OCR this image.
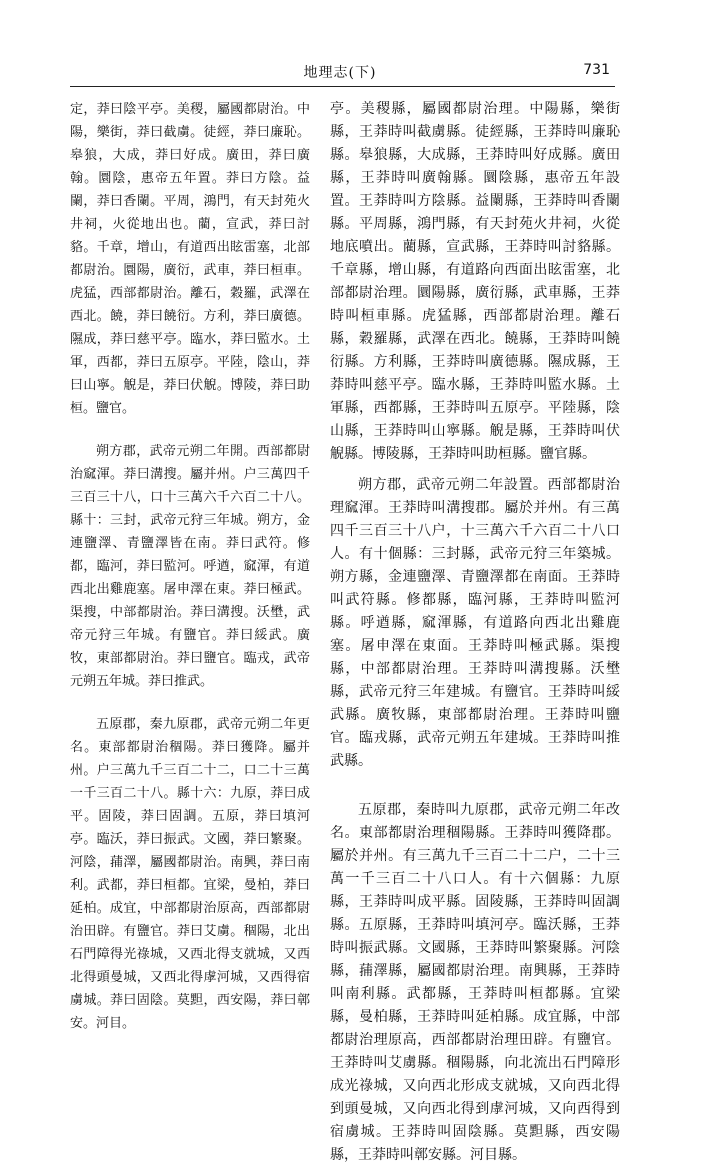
地理志(下)	731

定，莽曰陰平亭。美稷，屬國都尉治。中陽，樂街，莽曰截虜。徒經，莽曰廉恥。皋狼，大成，莽曰好成。廣田，莽曰廣翰。圜陰，惠帝五年置。莽曰方陰。益闌，莽曰香闌。平周，鴻門，有天封苑火井祠，火從地出也。藺，宣武，莽曰討貉。千章，增山，有道西出眩雷塞，北部都尉治。圜陽，廣衍，武車，莽曰桓車。虎猛，西部都尉治。離石，穀羅，武澤在西北。饒，莽曰饒衍。方利，莽曰廣德。隰成，莽曰慈平亭。臨水，莽曰監水。土軍，西都，莽曰五原亭。平陸，陰山，莽曰山寧。觬是，莽曰伏觬。博陵，莽曰助桓。鹽官。

朔方郡，武帝元朔二年開。西部都尉治窳渾。莽曰溝搜。屬并州。户三萬四千三百三十八，口十三萬六千六百二十八。縣十：三封，武帝元狩三年城。朔方，金連鹽澤、青鹽澤皆在南。莽曰武符。修都，臨河，莽曰監河。呼遒，窳渾，有道西北出雞鹿塞。屠申澤在東。莽曰極武。渠搜，中部都尉治。莽曰溝搜。沃壄，武帝元狩三年城。有鹽官。莽曰綏武。廣牧，東部都尉治。莽曰鹽官。臨戎，武帝元朔五年城。莽曰推武。

五原郡，秦九原郡，武帝元朔二年更名。東部都尉治稒陽。莽曰獲降。屬并州。户三萬九千三百二十二，口二十三萬一千三百二十八。縣十六：九原，莽曰成平。固陵，莽曰固調。五原，莽曰填河亭。臨沃，莽曰振武。文國，莽曰繁聚。河陰，蒱澤，屬國都尉治。南興，莽曰南利。武都，莽曰桓都。宜梁，曼柏，莽曰延柏。成宜，中部都尉治原高，西部都尉治田辟。有鹽官。莽曰艾虜。稒陽，北出石門障得光祿城，又西北得支就城，又西北得頭曼城，又西北得虖河城，又西得宿虜城。莽曰固陰。莫䵣，西安陽，莽曰鄣安。河目。

亭。美稷縣，屬國都尉治理。中陽縣，樂街縣，王莽時叫截虜縣。徒經縣，王莽時叫廉恥縣。皋狼縣，大成縣，王莽時叫好成縣。廣田縣，王莽時叫廣翰縣。圜陰縣，惠帝五年設置。王莽時叫方陰縣。益闌縣，王莽時叫香闌縣。平周縣，鴻門縣，有天封苑火井祠，火從地底噴出。藺縣，宣武縣，王莽時叫討貉縣。千章縣，增山縣，有道路向西面出眩雷塞，北部都尉治理。圜陽縣，廣衍縣，武車縣，王莽時叫桓車縣。虎猛縣，西部都尉治理。離石縣，穀羅縣，武澤在西北。饒縣，王莽時叫饒衍縣。方利縣，王莽時叫廣德縣。隰成縣，王莽時叫慈平亭。臨水縣，王莽時叫監水縣。土軍縣，西都縣，王莽時叫五原亭。平陸縣，陰山縣，王莽時叫山寧縣。觬是縣，王莽時叫伏觬縣。博陵縣，王莽時叫助桓縣。鹽官縣。

朔方郡，武帝元朔二年設置。西部都尉治理窳渾。王莽時叫溝搜郡。屬於并州。有三萬四千三百三十八户，十三萬六千六百二十八口人。有十個縣：三封縣，武帝元狩三年築城。朔方縣，金連鹽澤、青鹽澤都在南面。王莽時叫武符縣。修都縣，臨河縣，王莽時叫監河縣。呼遒縣，窳渾縣，有道路向西北出雞鹿塞。屠申澤在東面。王莽時叫極武縣。渠搜縣，中部都尉治理。王莽時叫溝搜縣。沃壄縣，武帝元狩三年建城。有鹽官。王莽時叫綏武縣。廣牧縣，東部都尉治理。王莽時叫鹽官。臨戎縣，武帝元朔五年建城。王莽時叫推武縣。

五原郡，秦時叫九原郡，武帝元朔二年改名。東部都尉治理稒陽縣。王莽時叫獲降郡。屬於并州。有三萬九千三百二十二户，二十三萬一千三百二十八口人。有十六個縣：九原縣，王莽時叫成平縣。固陵縣，王莽時叫固調縣。五原縣，王莽時叫填河亭。臨沃縣，王莽時叫振武縣。文國縣，王莽時叫繁聚縣。河陰縣，蒱澤縣，屬國都尉治理。南興縣，王莽時叫南利縣。武都縣，王莽時叫桓都縣。宜梁縣，曼柏縣，王莽時叫延柏縣。成宜縣，中部都尉治理原高，西部都尉治理田辟。有鹽官。王莽時叫艾虜縣。稒陽縣，向北流出石門障形成光祿城，又向西北形成支就城，又向西北得到頭曼城，又向西北得到虖河城，又向西得到宿虜城。王莽時叫固陰縣。莫䵣縣，西安陽縣，王莽時叫鄣安縣。河目縣。
